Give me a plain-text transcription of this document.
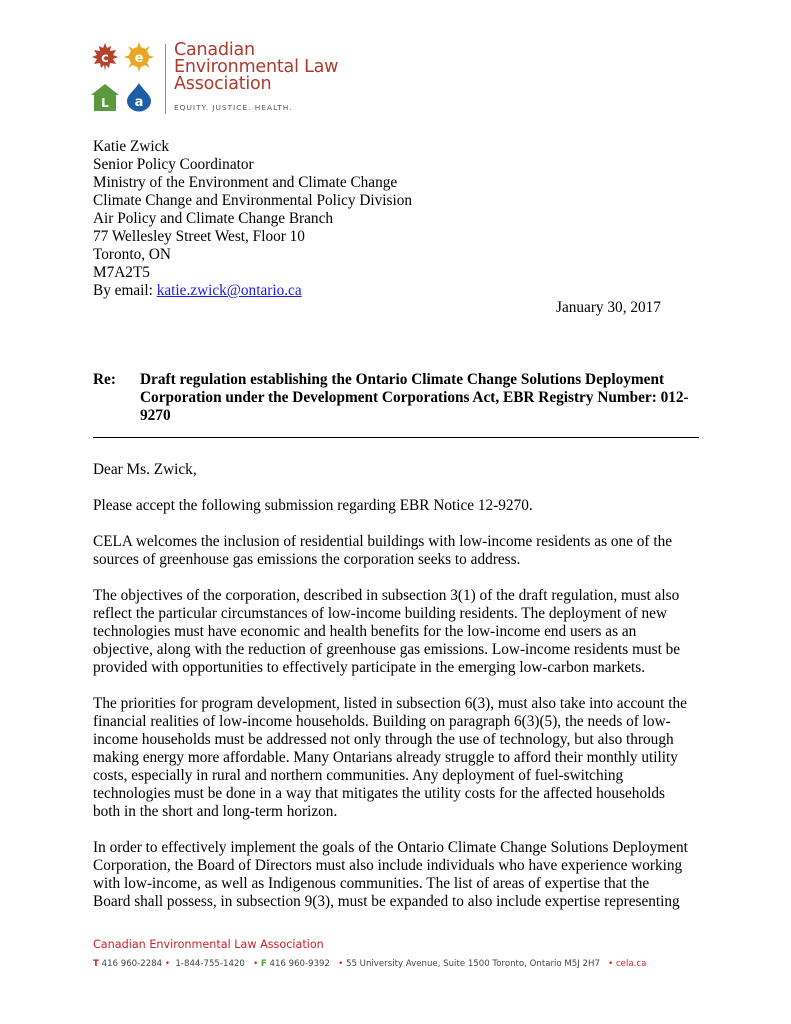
c e
L a
Canadian
Environmental Law
Association
EQUITY. JUSTICE. HEALTH.
Katie Zwick
Senior Policy Coordinator
Ministry of the Environment and Climate Change
Climate Change and Environmental Policy Division
Air Policy and Climate Change Branch
77 Wellesley Street West, Floor 10
Toronto, ON
M7A2T5
By email: katie.zwick@ontario.ca
January 30, 2017
Re: Draft regulation establishing the Ontario Climate Change Solutions Deployment
Corporation under the Development Corporations Act, EBR Registry Number: 012-
9270
Dear Ms. Zwick,
Please accept the following submission regarding EBR Notice 12-9270.
CELA welcomes the inclusion of residential buildings with low-income residents as one of the
sources of greenhouse gas emissions the corporation seeks to address.
The objectives of the corporation, described in subsection 3(1) of the draft regulation, must also
reflect the particular circumstances of low-income building residents. The deployment of new
technologies must have economic and health benefits for the low-income end users as an
objective, along with the reduction of greenhouse gas emissions. Low-income residents must be
provided with opportunities to effectively participate in the emerging low-carbon markets.
The priorities for program development, listed in subsection 6(3), must also take into account the
financial realities of low-income households. Building on paragraph 6(3)(5), the needs of low-
income households must be addressed not only through the use of technology, but also through
making energy more affordable. Many Ontarians already struggle to afford their monthly utility
costs, especially in rural and northern communities. Any deployment of fuel-switching
technologies must be done in a way that mitigates the utility costs for the affected households
both in the short and long-term horizon.
In order to effectively implement the goals of the Ontario Climate Change Solutions Deployment
Corporation, the Board of Directors must also include individuals who have experience working
with low-income, as well as Indigenous communities. The list of areas of expertise that the
Board shall possess, in subsection 9(3), must be expanded to also include expertise representing
Canadian Environmental Law Association
T 416 960-2284 • 1-844-755-1420 • F 416 960-9392 • 55 University Avenue, Suite 1500 Toronto, Ontario M5J 2H7 • cela.ca
